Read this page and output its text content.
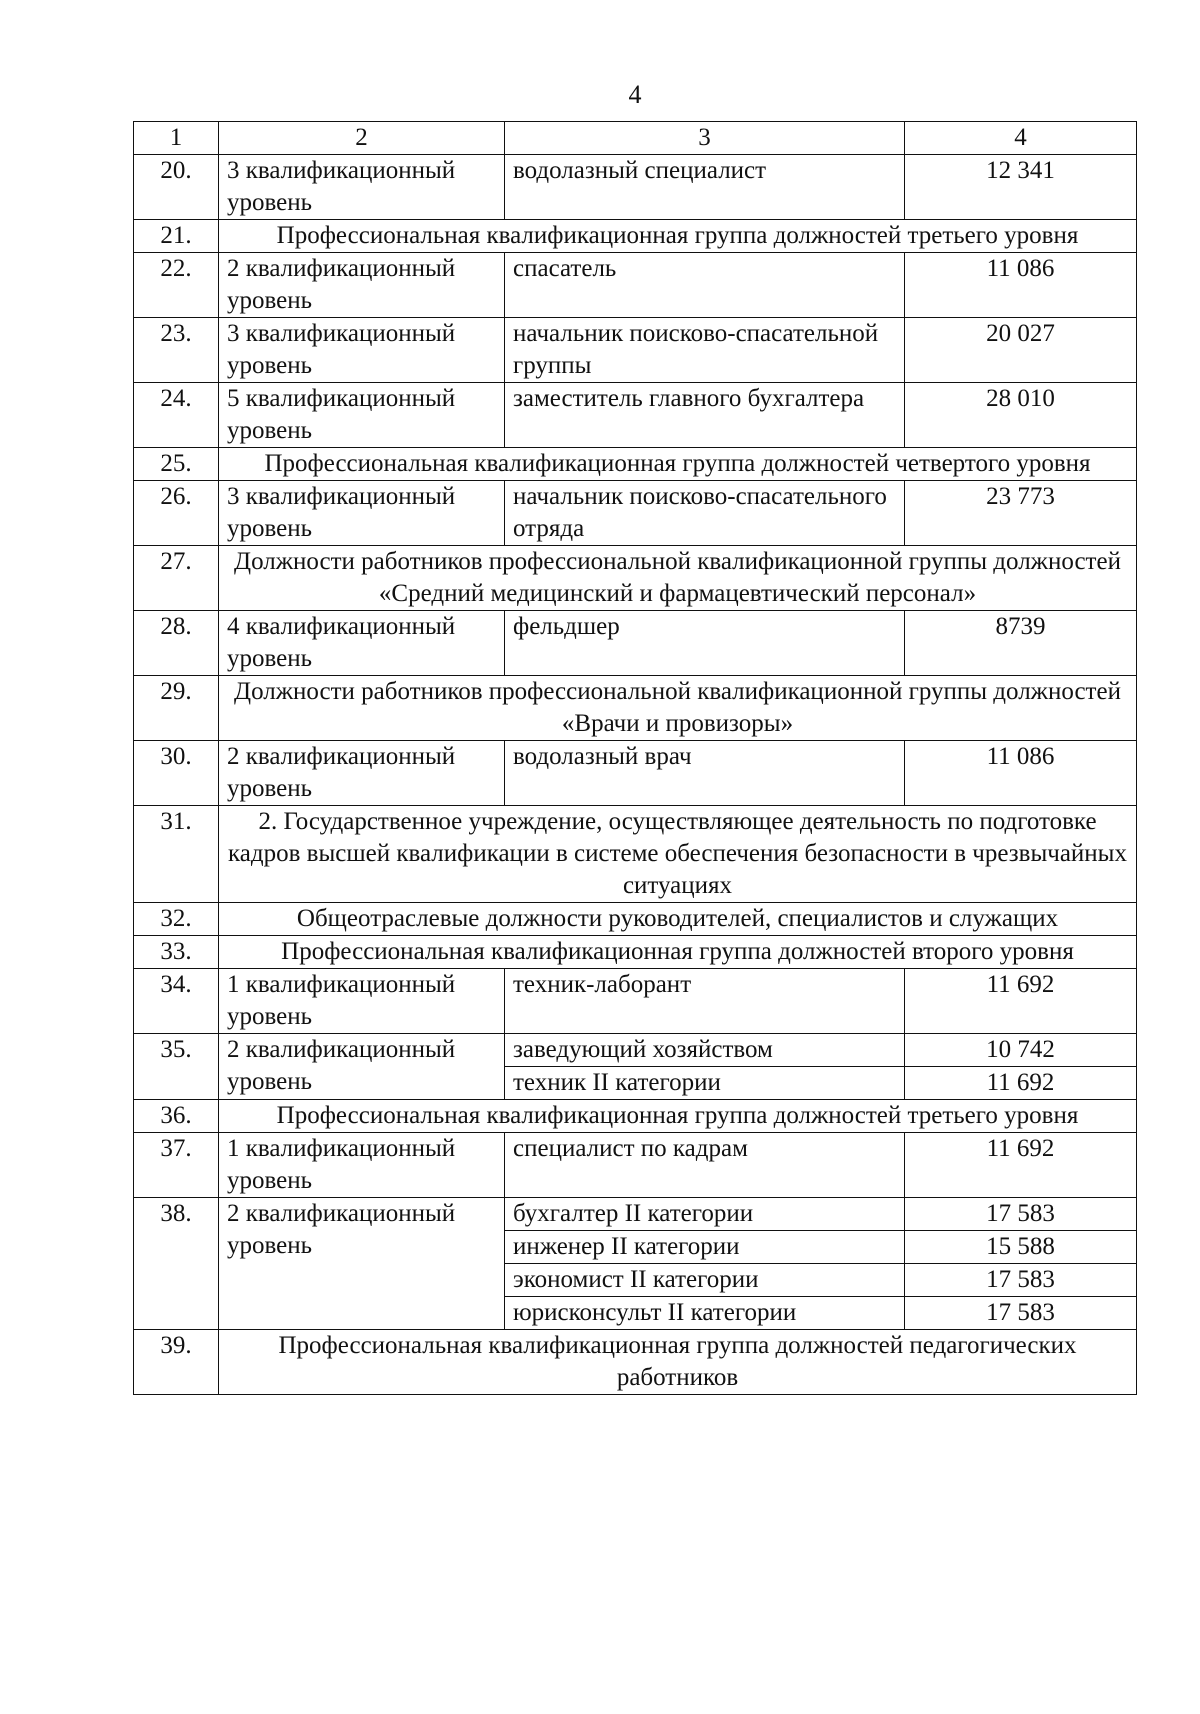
4
1	2	3	4
20.	3 квалификационный уровень	водолазный специалист	12 341
21.	Профессиональная квалификационная группа должностей третьего уровня		
22.	2 квалификационный уровень	спасатель	11 086
23.	3 квалификационный уровень	начальник поисково-спасательной группы	20 027
24.	5 квалификационный уровень	заместитель главного бухгалтера	28 010
25.	Профессиональная квалификационная группа должностей четвертого уровня		
26.	3 квалификационный уровень	начальник поисково-спасательного отряда	23 773
27.	Должности работников профессиональной квалификационной группы должностей «Средний медицинский и фармацевтический персонал»		
28.	4 квалификационный уровень	фельдшер	8739
29.	Должности работников профессиональной квалификационной группы должностей «Врачи и провизоры»		
30.	2 квалификационный уровень	водолазный врач	11 086
31.	2. Государственное учреждение, осуществляющее деятельность по подготовке кадров высшей квалификации в системе обеспечения безопасности в чрезвычайных ситуациях		
32.	Общеотраслевые должности руководителей, специалистов и служащих		
33.	Профессиональная квалификационная группа должностей второго уровня		
34.	1 квалификационный уровень	техник-лаборант	11 692
35.	2 квалификационный уровень	заведующий хозяйством	10 742
		техник II категории	11 692
36.	Профессиональная квалификационная группа должностей третьего уровня		
37.	1 квалификационный уровень	специалист по кадрам	11 692
38.	2 квалификационный уровень	бухгалтер II категории	17 583
		инженер II категории	15 588
		экономист II категории	17 583
		юрисконсульт II категории	17 583
39.	Профессиональная квалификационная группа должностей педагогических работников		
